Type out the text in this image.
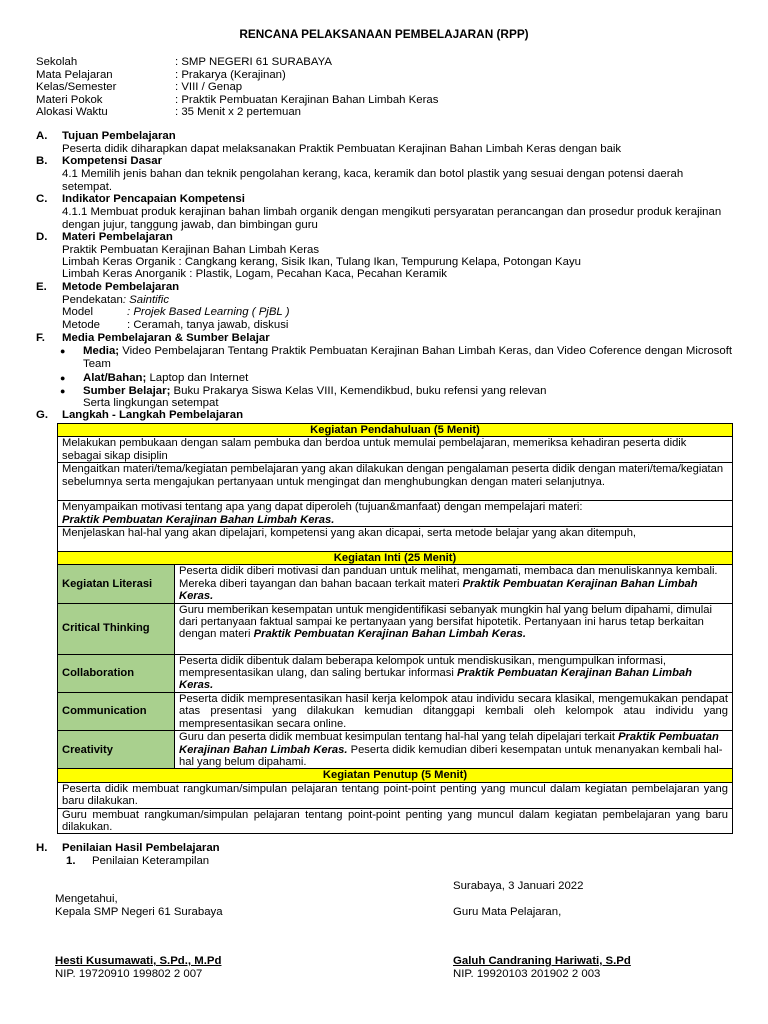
RENCANA PELAKSANAAN PEMBELAJARAN (RPP)
Sekolah	: SMP NEGERI 61 SURABAYA
Mata Pelajaran	: Prakarya (Kerajinan)
Kelas/Semester	: VIII / Genap
Materi Pokok	: Praktik Pembuatan Kerajinan Bahan Limbah Keras
Alokasi Waktu	: 35 Menit x 2 pertemuan
A. Tujuan Pembelajaran
Peserta didik diharapkan dapat melaksanakan Praktik Pembuatan Kerajinan Bahan Limbah Keras dengan baik
B. Kompetensi Dasar
4.1 Memilih jenis bahan dan teknik pengolahan kerang, kaca, keramik dan botol plastik yang sesuai dengan potensi daerah setempat.
C. Indikator Pencapaian Kompetensi
4.1.1 Membuat produk kerajinan bahan limbah organik dengan mengikuti persyaratan perancangan dan prosedur produk kerajinan dengan jujur, tanggung jawab, dan bimbingan guru
D. Materi Pembelajaran
Praktik Pembuatan Kerajinan Bahan Limbah Keras
Limbah Keras Organik : Cangkang kerang, Sisik Ikan, Tulang Ikan, Tempurung Kelapa, Potongan Kayu
Limbah Keras Anorganik : Plastik, Logam, Pecahan Kaca, Pecahan Keramik
E. Metode Pembelajaran
Pendekatan: Saintific
Model	: Projek Based Learning ( PjBL )
Metode : Ceramah, tanya jawab, diskusi
F. Media Pembelajaran & Sumber Belajar
●	Media; Video Pembelajaran Tentang Praktik Pembuatan Kerajinan Bahan Limbah Keras, dan Video Coference dengan Microsoft Team
●	Alat/Bahan; Laptop dan Internet
●	Sumber Belajar; Buku Prakarya Siswa Kelas VIII, Kemendikbud, buku refensi yang relevan
Serta lingkungan setempat
G. Langkah - Langkah Pembelajaran
Kegiatan Pendahuluan (5 Menit)	
Melakukan pembukaan dengan salam pembuka dan berdoa untuk memulai pembelajaran, memeriksa kehadiran peserta didik sebagai sikap disiplin	
Mengaitkan materi/tema/kegiatan pembelajaran yang akan dilakukan dengan pengalaman peserta didik dengan materi/tema/kegiatan sebelumnya serta mengajukan pertanyaan untuk mengingat dan menghubungkan dengan materi selanjutnya.	
Menyampaikan motivasi tentang apa yang dapat diperoleh (tujuan&manfaat) dengan mempelajari materi:
Praktik Pembuatan Kerajinan Bahan Limbah Keras.	
Menjelaskan hal-hal yang akan dipelajari, kompetensi yang akan dicapai, serta metode belajar yang akan ditempuh,	
Kegiatan Inti (25 Menit)	
Kegiatan Literasi	Peserta didik diberi motivasi dan panduan untuk melihat, mengamati, membaca dan menuliskannya kembali. Mereka diberi tayangan dan bahan bacaan terkait materi Praktik Pembuatan Kerajinan Bahan Limbah Keras.
Critical Thinking	Guru memberikan kesempatan untuk mengidentifikasi sebanyak mungkin hal yang belum dipahami, dimulai dari pertanyaan faktual sampai ke pertanyaan yang bersifat hipotetik. Pertanyaan ini harus tetap berkaitan dengan materi Praktik Pembuatan Kerajinan Bahan Limbah Keras.
Collaboration	Peserta didik dibentuk dalam beberapa kelompok untuk mendiskusikan, mengumpulkan informasi, mempresentasikan ulang, dan saling bertukar informasi Praktik Pembuatan Kerajinan Bahan Limbah Keras.
Communication	Peserta didik mempresentasikan hasil kerja kelompok atau individu secara klasikal, mengemukakan pendapat atas presentasi yang dilakukan kemudian ditanggapi kembali oleh kelompok atau individu yang mempresentasikan secara online.
Creativity	Guru dan peserta didik membuat kesimpulan tentang hal-hal yang telah dipelajari terkait Praktik Pembuatan Kerajinan Bahan Limbah Keras. Peserta didik kemudian diberi kesempatan untuk menanyakan kembali hal-hal yang belum dipahami.
Kegiatan Penutup (5 Menit)	
Peserta didik membuat rangkuman/simpulan pelajaran tentang point-point penting yang muncul dalam kegiatan pembelajaran yang baru dilakukan.	
Guru membuat rangkuman/simpulan pelajaran tentang point-point penting yang muncul dalam kegiatan pembelajaran yang baru dilakukan.	
H. Penilaian Hasil Pembelajaran
1.	Penilaian Keterampilan
Surabaya, 3 Januari 2022
Mengetahui,
Kepala SMP Negeri 61 Surabaya	Guru Mata Pelajaran,
Hesti Kusumawati, S.Pd., M.Pd
NIP. 19720910 199802 2 007
Galuh Candraning Hariwati, S.Pd
NIP. 19920103 201902 2 003
